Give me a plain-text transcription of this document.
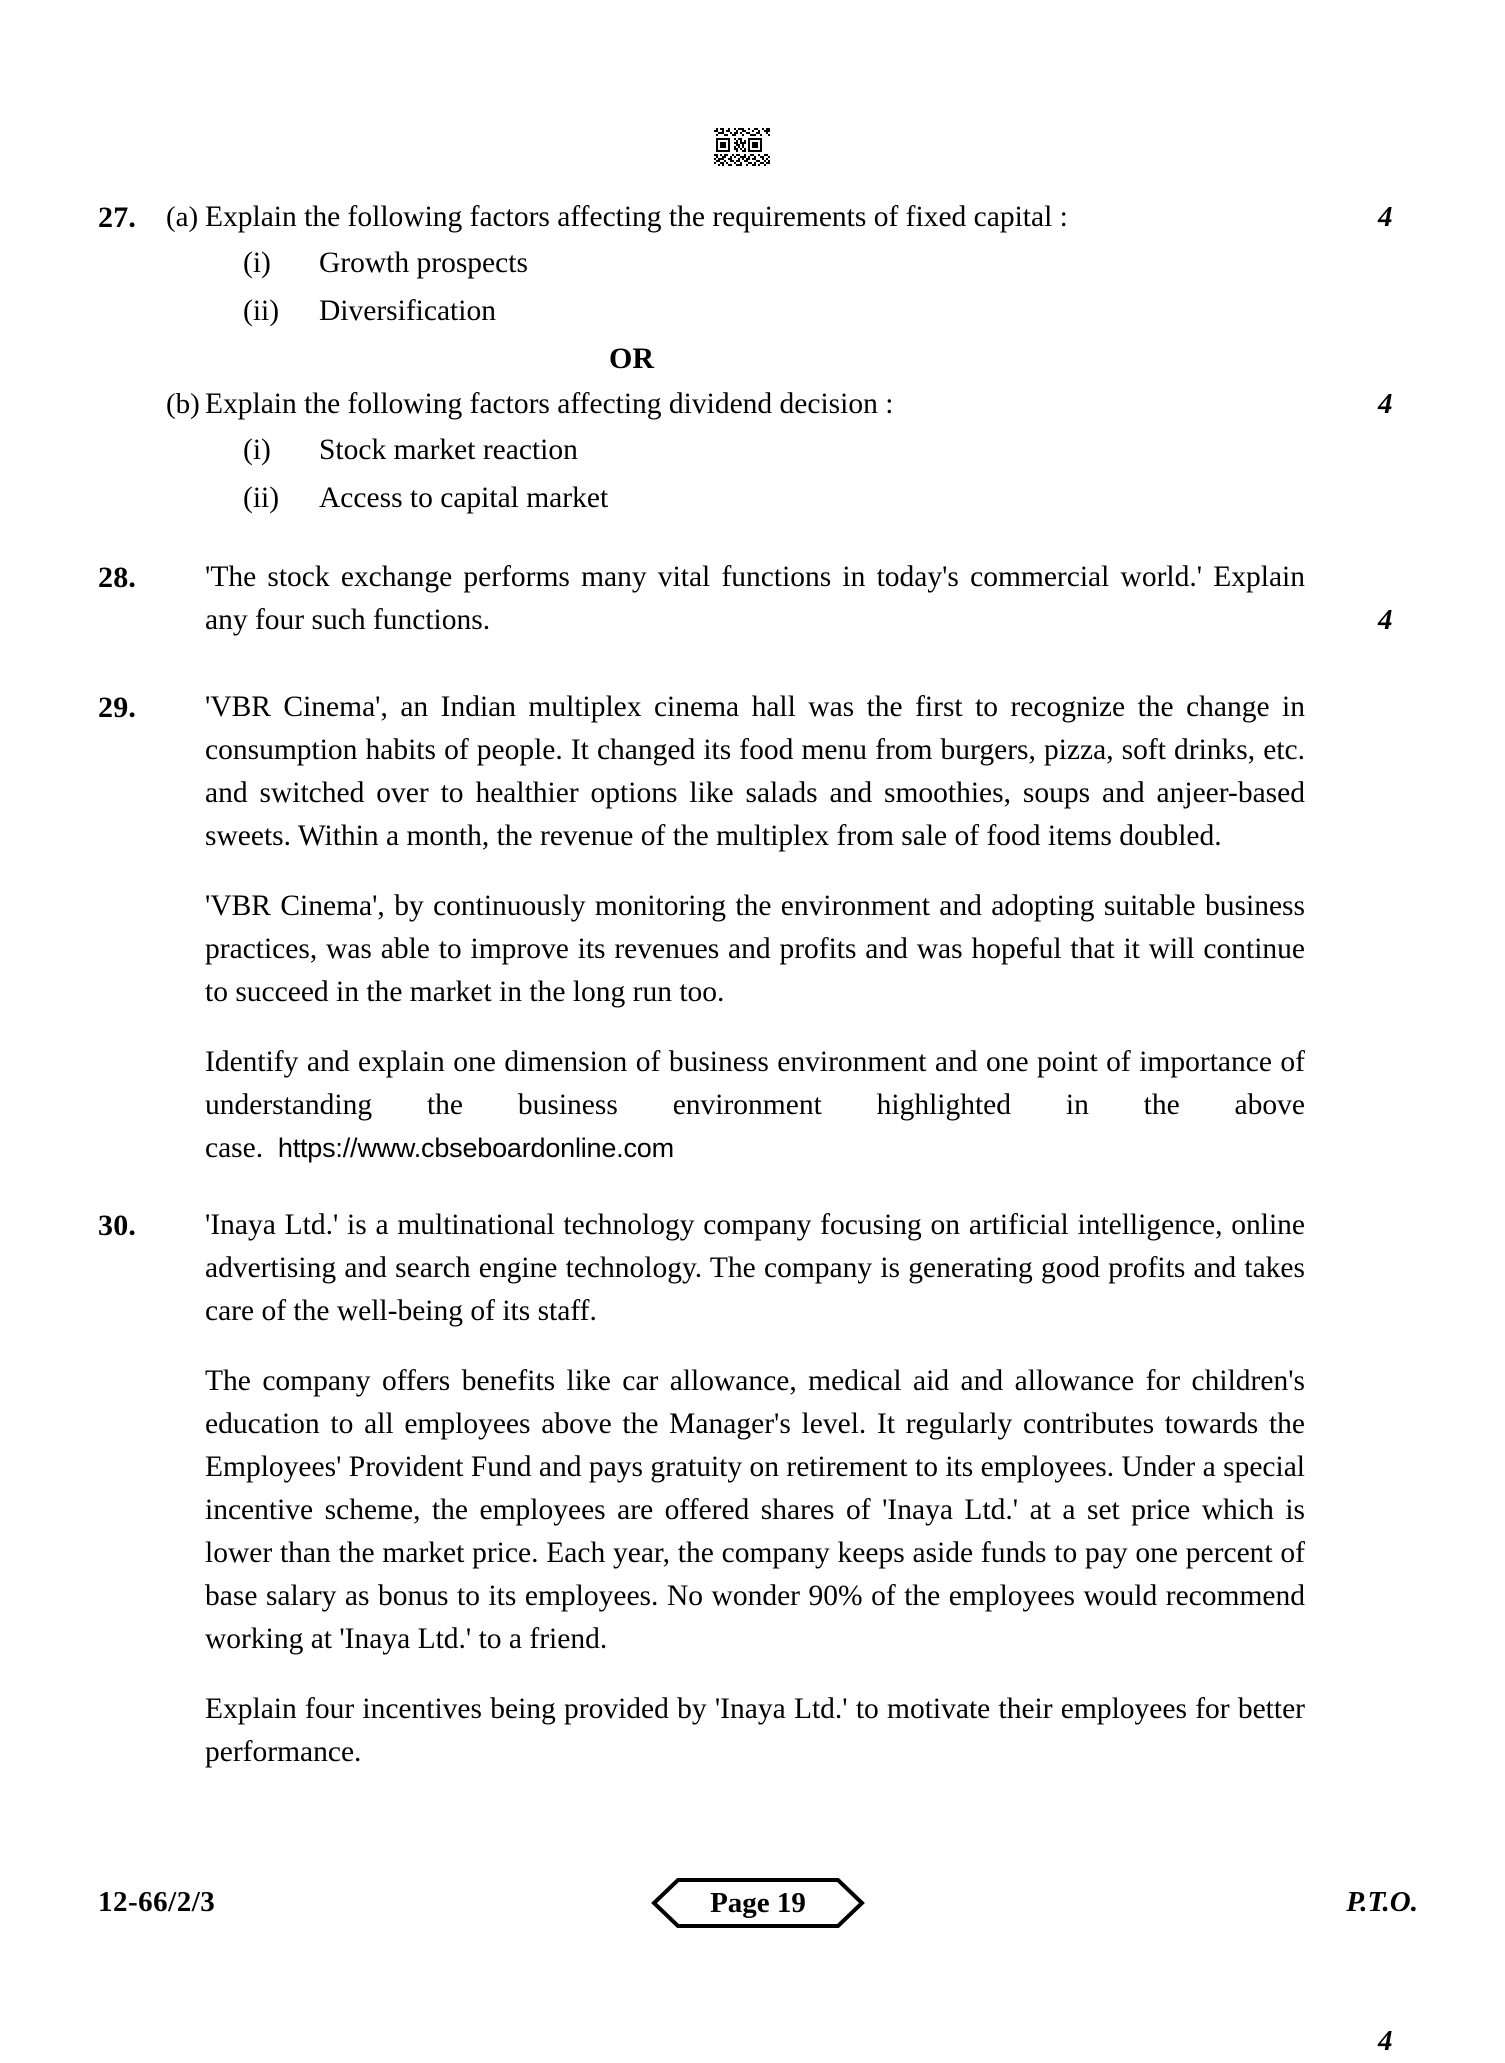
27.	(a)	4
Explain the following factors affecting the requirements of fixed capital :
(i)	Growth prospects
(ii)	Diversification
OR
(b)	4
Explain the following factors affecting dividend decision :
(i)	Stock market reaction
(ii)	Access to capital market
28.
4

'The stock exchange performs many vital functions in today's commercial world.' Explain any four such functions.

29.	'VBR Cinema', an Indian multiplex cinema hall was the first to recognize the change in consumption habits of people. It changed its food menu from burgers, pizza, soft drinks, etc. and switched over to healthier options like salads and smoothies, soups and anjeer-based sweets. Within a month, the revenue of the multiplex from sale of food items doubled.

'VBR Cinema', by continuously monitoring the environment and adopting suitable business practices, was able to improve its revenues and profits and was hopeful that it will continue to succeed in the market in the long run too.

Identify and explain one dimension of business environment and one point of importance of understanding the business environment highlighted in the above case. https://www.cbseboardonline.com

30.
4

'Inaya Ltd.' is a multinational technology company focusing on artificial intelligence, online advertising and search engine technology. The company is generating good profits and takes care of the well-being of its staff.

The company offers benefits like car allowance, medical aid and allowance for children's education to all employees above the Manager's level. It regularly contributes towards the Employees' Provident Fund and pays gratuity on retirement to its employees. Under a special incentive scheme, the employees are offered shares of 'Inaya Ltd.' at a set price which is lower than the market price. Each year, the company keeps aside funds to pay one percent of base salary as bonus to its employees. No wonder 90% of the employees would recommend working at 'Inaya Ltd.' to a friend.

Explain four incentives being provided by 'Inaya Ltd.' to motivate their employees for better performance.

12-66/2/3	Page 19	P.T.O.
